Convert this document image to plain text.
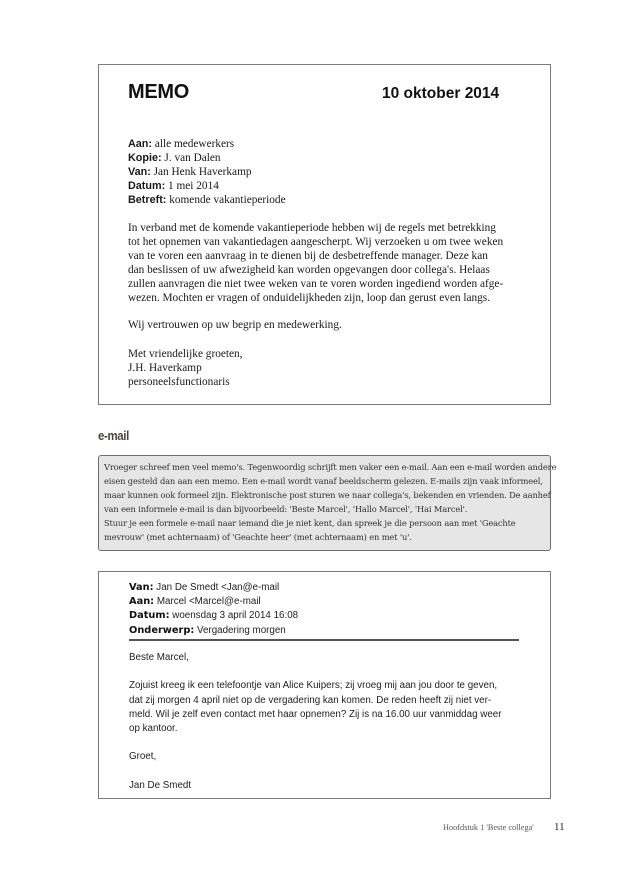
MEMO	10 oktober 2014
Aan: alle medewerkers
Kopie: J. van Dalen
Van: Jan Henk Haverkamp
Datum: 1 mei 2014
Betreft: komende vakantieperiode

In verband met de komende vakantieperiode hebben wij de regels met betrekking

tot het opnemen van vakantiedagen aangescherpt. Wij verzoeken u om twee weken

van te voren een aanvraag in te dienen bij de desbetreffende manager. Deze kan

dan beslissen of uw afwezigheid kan worden opgevangen door collega's. Helaas

zullen aanvragen die niet twee weken van te voren worden ingediend worden afge-

wezen. Mochten er vragen of onduidelijkheden zijn, loop dan gerust even langs.

Wij vertrouwen op uw begrip en medewerking.
Met vriendelijke groeten,
J.H. Haverkamp
personeelsfunctionaris
e-mail

Vroeger schreef men veel memo's. Tegenwoordig schrijft men vaker een e-mail. Aan een e-mail worden andere

eisen gesteld dan aan een memo. Een e-mail wordt vanaf beeldscherm gelezen. E-mails zijn vaak informeel,

maar kunnen ook formeel zijn. Elektronische post sturen we naar collega's, bekenden en vrienden. De aanhef

van een informele e-mail is dan bijvoorbeeld: 'Beste Marcel', 'Hallo Marcel', 'Hai Marcel'.

Stuur je een formele e-mail naar iemand die je niet kent, dan spreek je die persoon aan met 'Geachte

mevrouw' (met achternaam) of 'Geachte heer' (met achternaam) en met 'u'.

Van: Jan De Smedt <Jan@e-mail
Aan: Marcel <Marcel@e-mail
Datum: woensdag 3 april 2014 16:08
Onderwerp: Vergadering morgen

Beste Marcel,

Zojuist kreeg ik een telefoontje van Alice Kuipers; zij vroeg mij aan jou door te geven,

dat zij morgen 4 april niet op de vergadering kan komen. De reden heeft zij niet ver-

meld. Wil je zelf even contact met haar opnemen? Zij is na 16.00 uur vanmiddag weer

op kantoor.

Groet,

Jan De Smedt

Hoofdstuk 1 'Beste collega' 11
